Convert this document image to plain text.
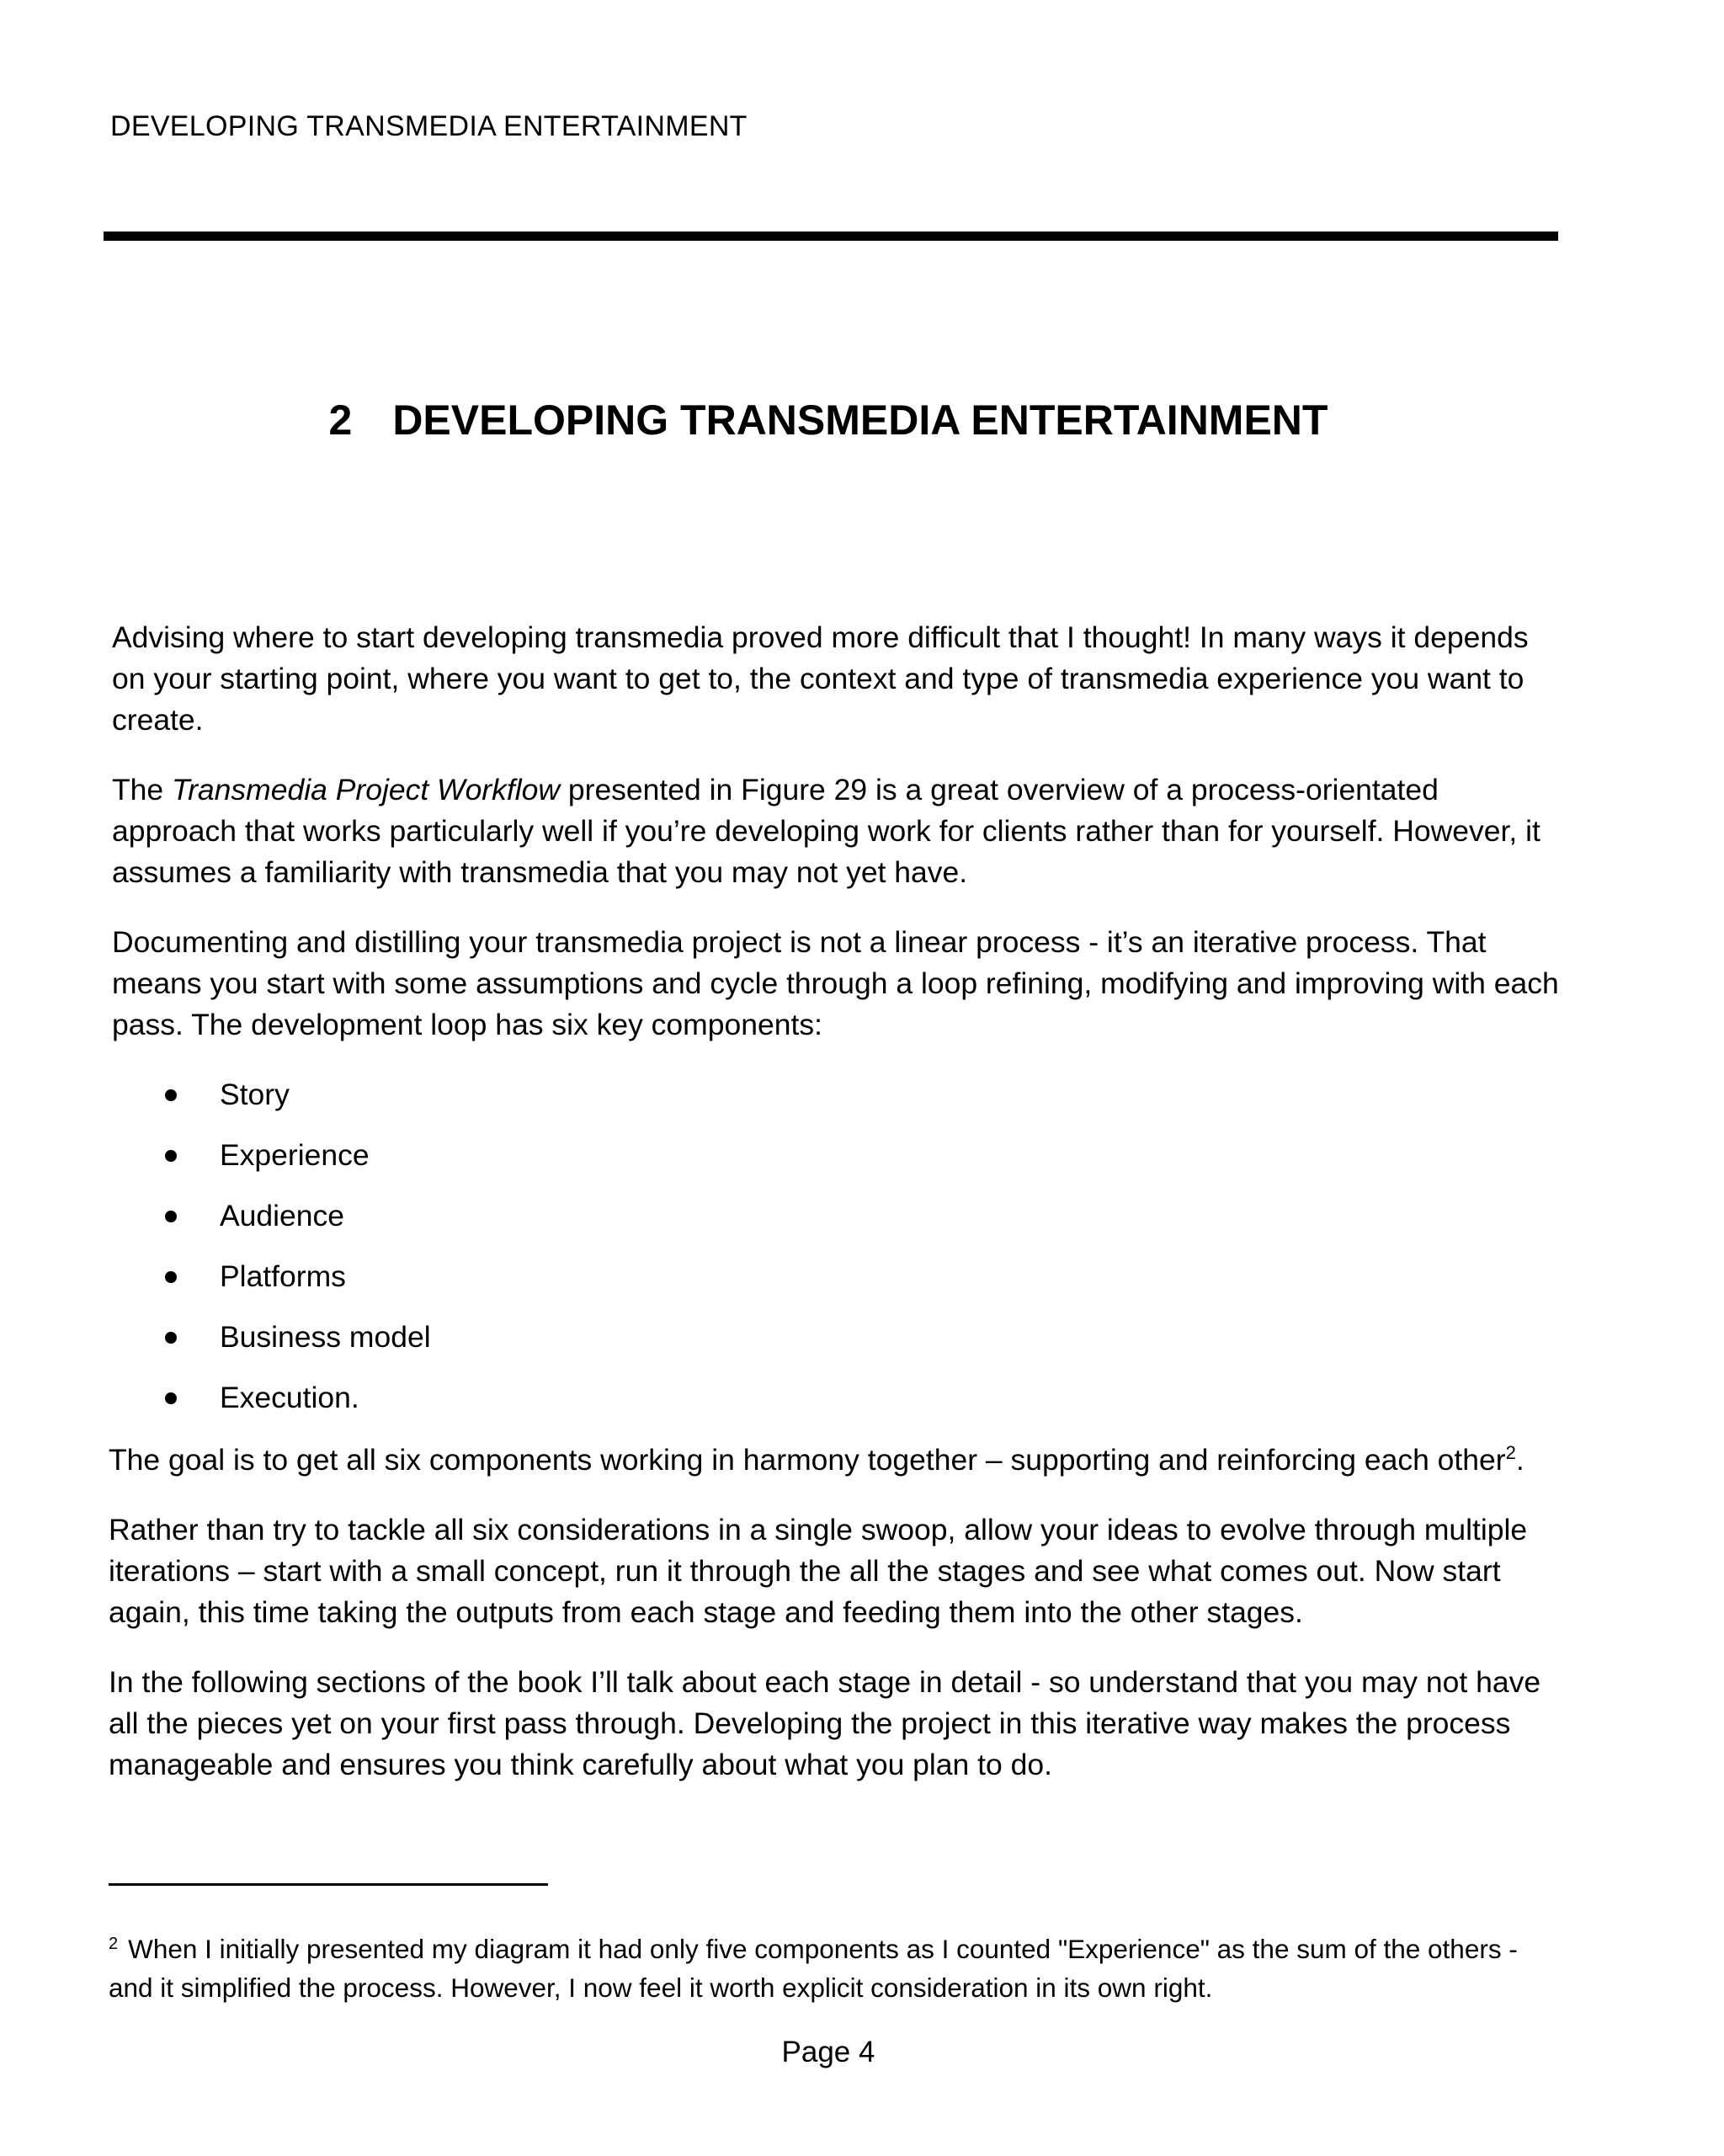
DEVELOPING TRANSMEDIA ENTERTAINMENT
2 DEVELOPING TRANSMEDIA ENTERTAINMENT

Advising where to start developing transmedia proved more difficult that I thought! In many ways it depends on your starting point, where you want to get to, the context and type of transmedia experience you want to create.

The Transmedia Project Workflow presented in Figure 29 is a great overview of a process-orientated approach that works particularly well if you’re developing work for clients rather than for yourself. However, it assumes a familiarity with transmedia that you may not yet have.

Documenting and distilling your transmedia project is not a linear process - it’s an iterative process. That means you start with some assumptions and cycle through a loop refining, modifying and improving with each pass. The development loop has six key components:

Story
Experience
Audience
Platforms
Business model
Execution.

The goal is to get all six components working in harmony together – supporting and reinforcing each other$^2$.

Rather than try to tackle all six considerations in a single swoop, allow your ideas to evolve through multiple iterations – start with a small concept, run it through the all the stages and see what comes out. Now start again, this time taking the outputs from each stage and feeding them into the other stages.

In the following sections of the book I’ll talk about each stage in detail - so understand that you may not have all the pieces yet on your first pass through. Developing the project in this iterative way makes the process manageable and ensures you think carefully about what you plan to do.

$^2$ When I initially presented my diagram it had only five components as I counted "Experience" as the sum of the others - and it simplified the process. However, I now feel it worth explicit consideration in its own right.
Page 4
